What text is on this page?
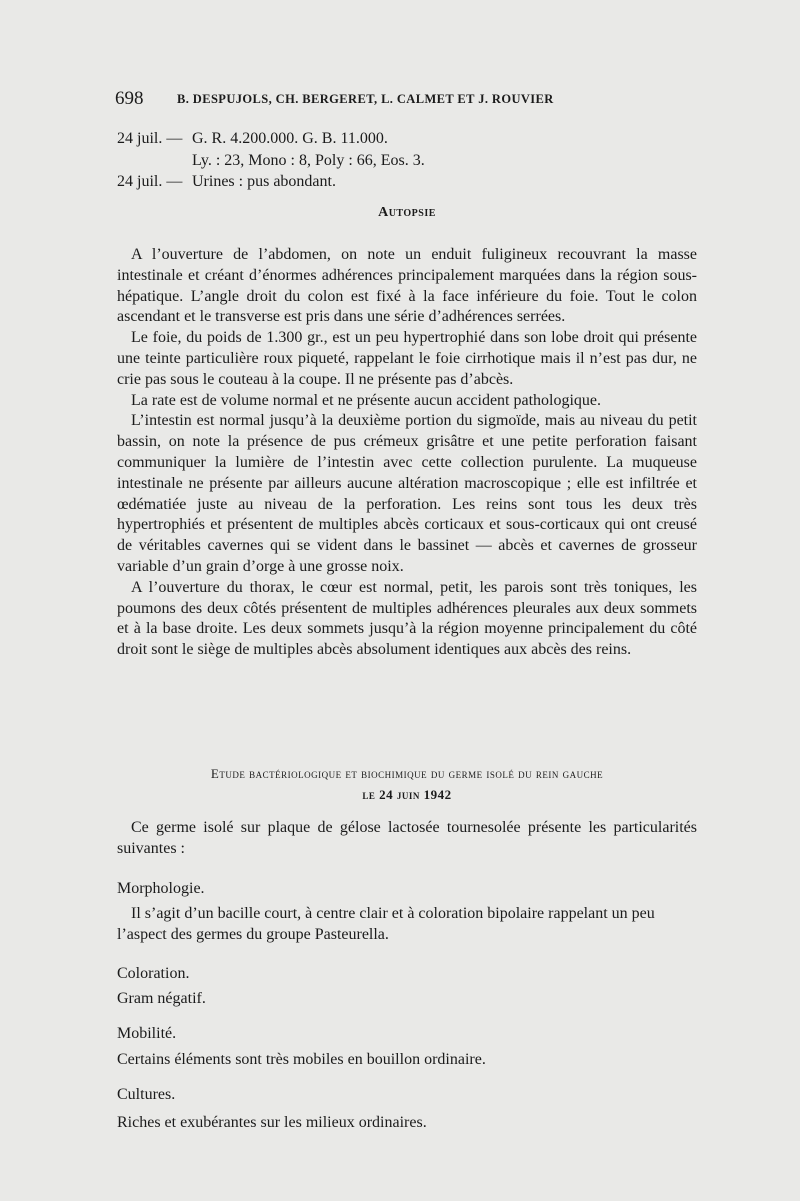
698	B. DESPUJOLS, CH. BERGERET, L. CALMET ET J. ROUVIER
24 juil. — G. R. 4.200.000. G. B. 11.000.
Ly. : 23, Mono : 8, Poly : 66, Eos. 3.
24 juil. — Urines : pus abondant.
Autopsie

A l’ouverture de l’abdomen, on note un enduit fuligineux recouvrant la masse intestinale et créant d’énormes adhérences principalement marquées dans la région sous-hépatique. L’angle droit du colon est fixé à la face inférieure du foie. Tout le colon ascendant et le transverse est pris dans une série d’adhérences serrées.

Le foie, du poids de 1.300 gr., est un peu hypertrophié dans son lobe droit qui présente une teinte particulière roux piqueté, rappelant le foie cirrhotique mais il n’est pas dur, ne crie pas sous le couteau à la coupe. Il ne présente pas d’abcès.

La rate est de volume normal et ne présente aucun accident pathologique.

L’intestin est normal jusqu’à la deuxième portion du sigmoïde, mais au niveau du petit bassin, on note la présence de pus crémeux grisâtre et une petite perforation faisant communiquer la lumière de l’intestin avec cette collection purulente. La muqueuse intestinale ne présente par ailleurs aucune altération macroscopique ; elle est infiltrée et œdématiée juste au niveau de la perforation. Les reins sont tous les deux très hypertrophiés et présentent de multiples abcès corticaux et sous-corticaux qui ont creusé de véritables cavernes qui se vident dans le bassinet — abcès et cavernes de grosseur variable d’un grain d’orge à une grosse noix.

A l’ouverture du thorax, le cœur est normal, petit, les parois sont très toniques, les poumons des deux côtés présentent de multiples adhérences pleurales aux deux sommets et à la base droite. Les deux sommets jusqu’à la région moyenne principalement du côté droit sont le siège de multiples abcès absolument identiques aux abcès des reins.

Etude bactériologique et biochimique du germe isolé du rein gauche
le 24 juin 1942

Ce germe isolé sur plaque de gélose lactosée tournesolée présente les particularités suivantes :

Morphologie.
Il s’agit d’un bacille court, à centre clair et à coloration bipolaire rappelant un peu l’aspect des germes du groupe Pasteurella.
Coloration.
Gram négatif.
Mobilité.
Certains éléments sont très mobiles en bouillon ordinaire.
Cultures.
Riches et exubérantes sur les milieux ordinaires.
